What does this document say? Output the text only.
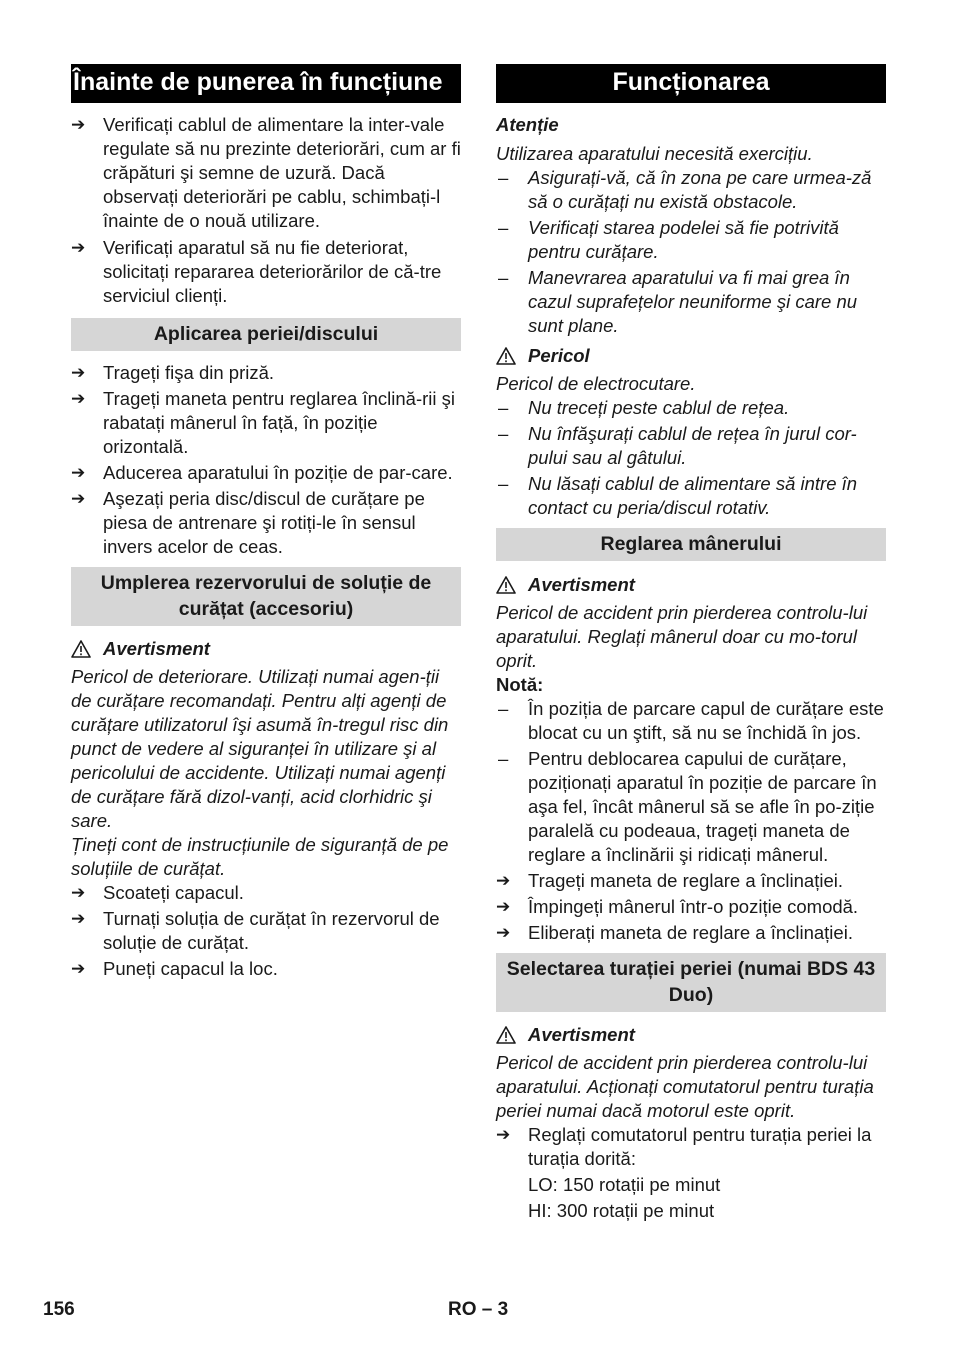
Înainte de punerea în funcțiune
➔ Verificați cablul de alimentare la inter-vale regulate să nu prezinte deteriorări, cum ar fi crăpături şi semne de uzură. Dacă observați deteriorări pe cablu, schimbați-l înainte de o nouă utilizare.
➔ Verificați aparatul să nu fie deteriorat, solicitați repararea deteriorărilor de că-tre serviciul clienți.
Aplicarea periei/discului
➔ Trageți fişa din priză.
➔ Trageți maneta pentru reglarea înclină-rii şi rabatați mânerul în față, în poziție orizontală.
➔ Aducerea aparatului în poziție de par-care.
➔ Aşezați peria disc/discul de curățare pe piesa de antrenare şi rotiți-le în sensul invers acelor de ceas.
Umplerea rezervorului de soluție de curățat (accesoriu)
Avertisment
Pericol de deteriorare. Utilizați numai agen-ții de curățare recomandați. Pentru alți agenți de curățare utilizatorul îşi asumă în-tregul risc din punct de vedere al siguranței în utilizare şi al pericolului de accidente. Utilizați numai agenți de curățare fără dizol-vanți, acid clorhidric şi sare.
Țineți cont de instrucțiunile de siguranță de pe soluțiile de curățat.
➔ Scoateți capacul.
➔ Turnați soluția de curățat în rezervorul de soluție de curățat.
➔ Puneți capacul la loc.
Funcționarea
Atenție
Utilizarea aparatului necesită exercițiu.
–	Asigurați-vă, că în zona pe care urmea-ză să o curățați nu există obstacole.
–	Verificați starea podelei să fie potrivită pentru curățare.
–	Manevrarea aparatului va fi mai grea în cazul suprafețelor neuniforme şi care nu sunt plane.
Pericol
Pericol de electrocutare.
–	Nu treceți peste cablul de rețea.
–	Nu înfăşurați cablul de rețea în jurul cor-pului sau al gâtului.
–	Nu lăsați cablul de alimentare să intre în contact cu peria/discul rotativ.
Reglarea mânerului
Avertisment
Pericol de accident prin pierderea controlu-lui aparatului. Reglați mânerul doar cu mo-torul oprit.
Notă:
–	În poziția de parcare capul de curățare este blocat cu un ştift, să nu se închidă în jos.
–	Pentru deblocarea capului de curățare, poziționați aparatul în poziție de parcare în aşa fel, încât mânerul să se afle în po-ziție paralelă cu podeaua, trageți maneta de reglare a înclinării şi ridicați mânerul.
➔ Trageți maneta de reglare a înclinației.
➔ Împingeți mânerul într-o poziție comodă.
➔ Eliberați maneta de reglare a înclinației.
Selectarea turației periei (numai BDS 43 Duo)
Avertisment
Pericol de accident prin pierderea controlu-lui aparatului. Acționați comutatorul pentru turația periei numai dacă motorul este oprit.
➔ Reglați comutatorul pentru turația periei la turația dorită:
LO: 150 rotații pe minut
HI: 300 rotații pe minut
156	RO – 3
